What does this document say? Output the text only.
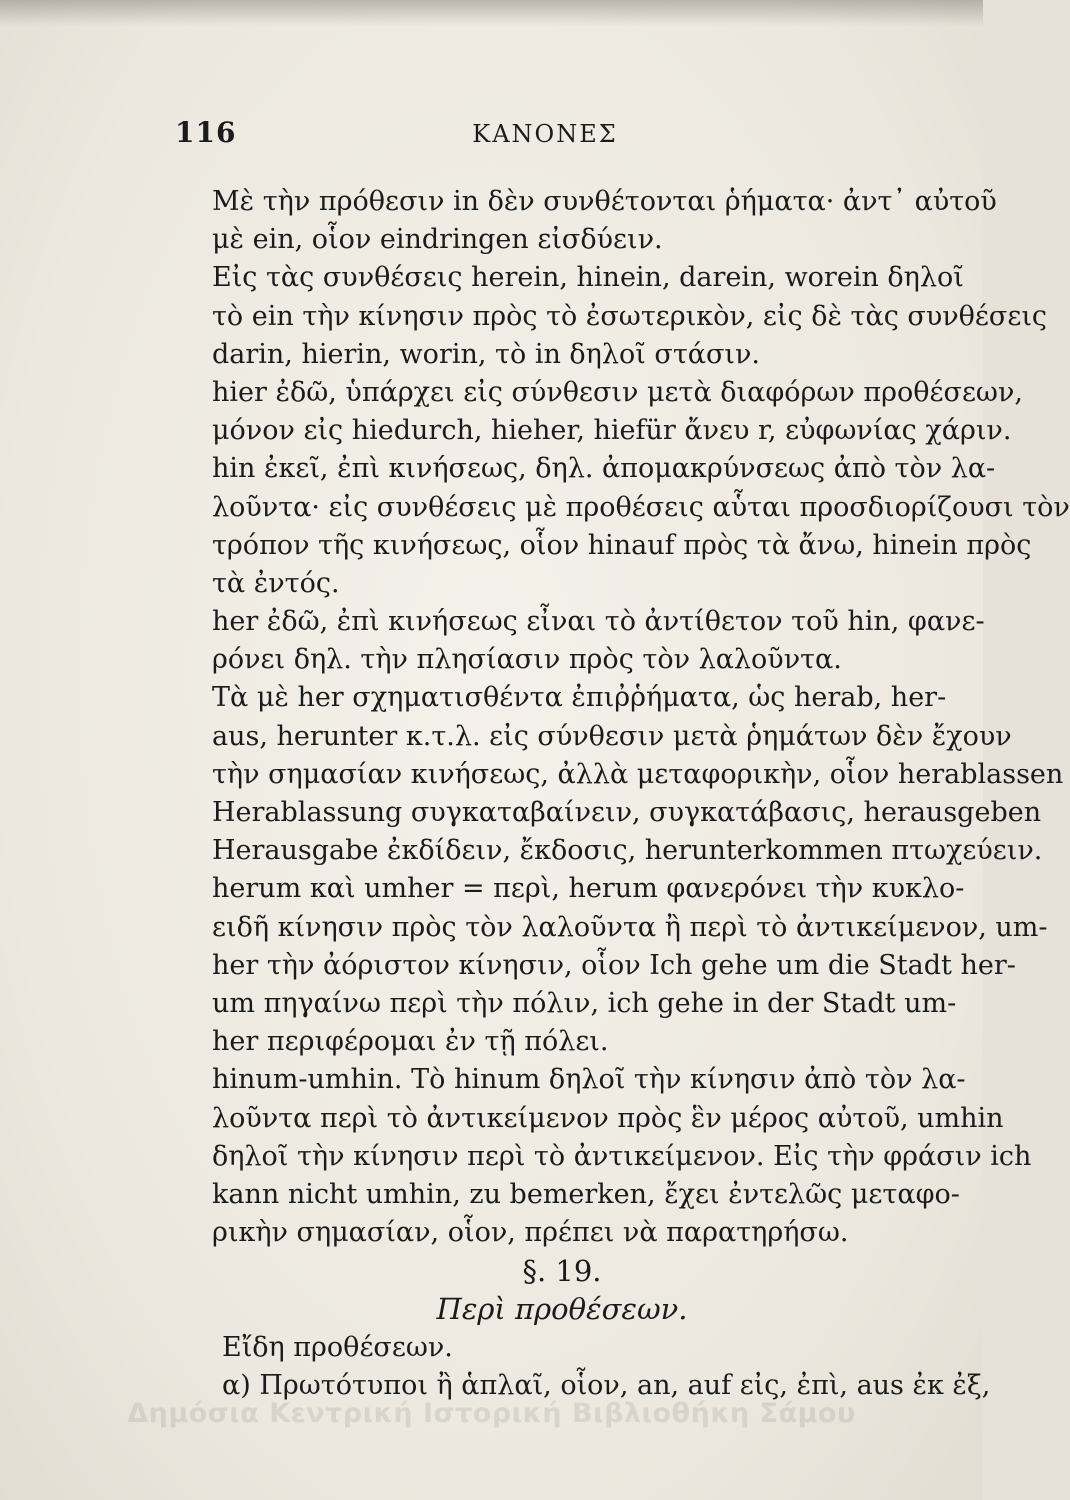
116	ΚΑΝΟΝΕΣ
Μὲ τὴν πρόθεσιν in δὲν συνθέτονται ῥήματα· ἀντ᾿ αὐτοῦ
μὲ ein, οἷον eindringen εἰσδύειν.
Εἰς τὰς συνθέσεις herein, hinein, darein, worein δηλοῖ
τὸ ein τὴν κίνησιν πρὸς τὸ ἐσωτερικὸν, εἰς δὲ τὰς συνθέσεις
darin, hierin, worin, τὸ in δηλοῖ στάσιν.
hier ἐδῶ, ὑπάρχει εἰς σύνθεσιν μετὰ διαφόρων προθέσεων,
μόνον εἰς hiedurch, hieher, hiefür ἄνευ r, εὐφωνίας χάριν.
hin ἐκεῖ, ἐπὶ κινήσεως, δηλ. ἀπομακρύνσεως ἀπὸ τὸν λα-
λοῦντα· εἰς συνθέσεις μὲ προθέσεις αὗται προσδιορίζουσι τὸν
τρόπον τῆς κινήσεως, οἷον hinauf πρὸς τὰ ἄνω, hinein πρὸς
τὰ ἐντός.
her ἐδῶ, ἐπὶ κινήσεως εἶναι τὸ ἀντίθετον τοῦ hin, φανε-
ρόνει δηλ. τὴν πλησίασιν πρὸς τὸν λαλοῦντα.
Τὰ μὲ her σχηματισθέντα ἐπιῤῥήματα, ὡς herab, her-
aus, herunter κ.τ.λ. εἰς σύνθεσιν μετὰ ῥημάτων δὲν ἔχουν
τὴν σημασίαν κινήσεως, ἀλλὰ μεταφορικὴν, οἷον herablassen
Herablassung συγκαταβαίνειν, συγκατάβασις, herausgeben
Herausgabe ἐκδίδειν, ἔκδοσις, herunterkommen πτωχεύειν.
herum καὶ umher = περὶ, herum φανερόνει τὴν κυκλο-
ειδῆ κίνησιν πρὸς τὸν λαλοῦντα ἢ περὶ τὸ ἀντικείμενον, um-
her τὴν ἀόριστον κίνησιν, οἷον Ich gehe um die Stadt her-
um πηγαίνω περὶ τὴν πόλιν, ich gehe in der Stadt um-
her περιφέρομαι ἐν τῇ πόλει.
hinum-umhin. Τὸ hinum δηλοῖ τὴν κίνησιν ἀπὸ τὸν λα-
λοῦντα περὶ τὸ ἀντικείμενον πρὸς ἓν μέρος αὐτοῦ, umhin
δηλοῖ τὴν κίνησιν περὶ τὸ ἀντικείμενον. Εἰς τὴν φράσιν ich
kann nicht umhin, zu bemerken, ἔχει ἐντελῶς μεταφο-
ρικὴν σημασίαν, οἷον, πρέπει νὰ παρατηρήσω.
§. 19.
Περὶ προθέσεων.
Εἴδη προθέσεων.
α) Πρωτότυποι ἢ ἁπλαῖ, οἷον, an, auf εἰς, ἐπὶ, aus ἐκ ἐξ,
Δημόσια Κεντρική Ιστορική Βιβλιοθήκη Σάμου
